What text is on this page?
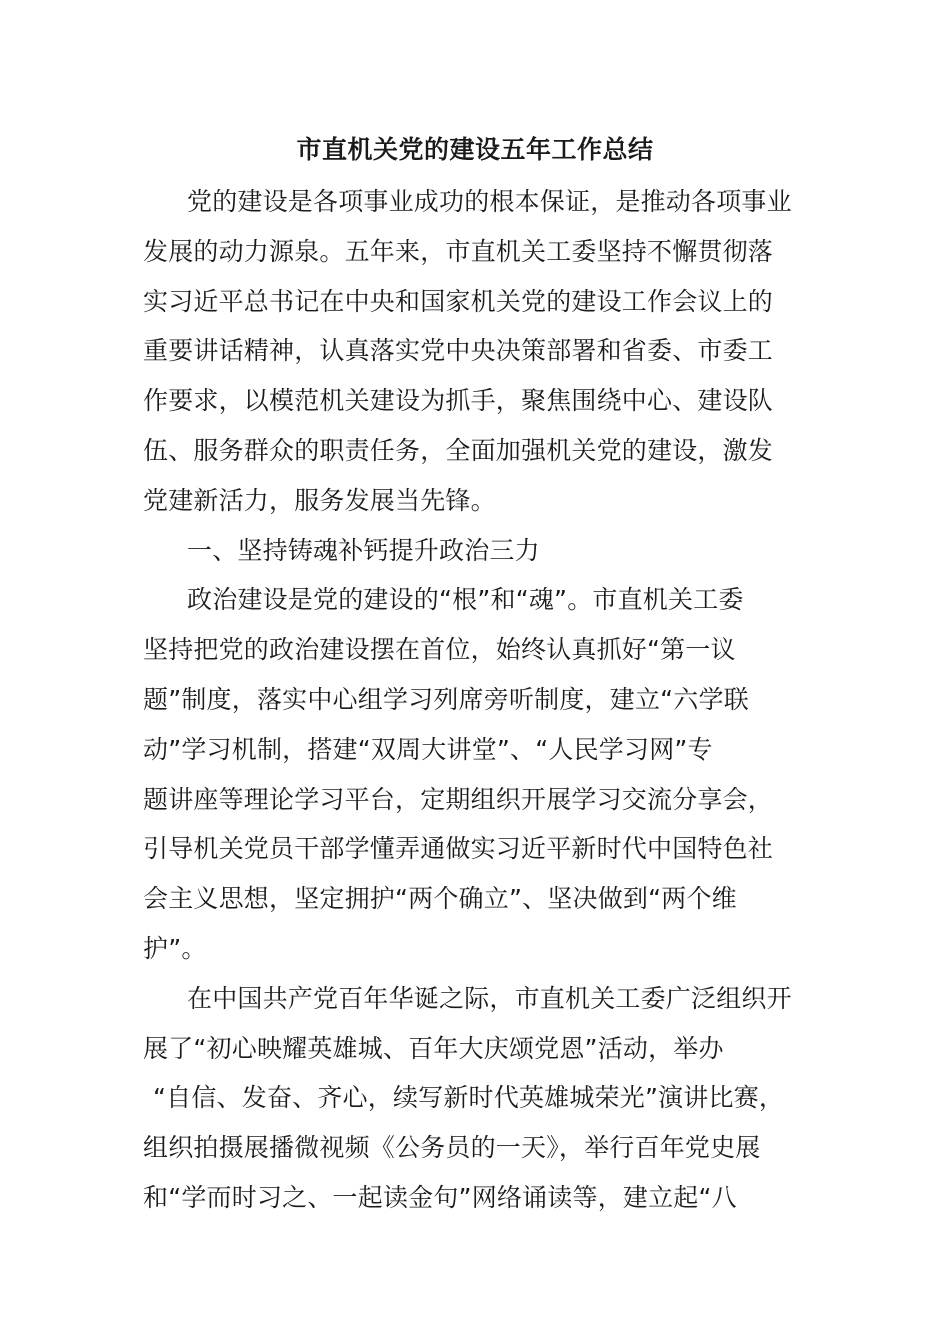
市直机关党的建设五年工作总结
党的建设是各项事业成功的根本保证，是推动各项事业
发展的动力源泉。五年来，市直机关工委坚持不懈贯彻落
实习近平总书记在中央和国家机关党的建设工作会议上的
重要讲话精神，认真落实党中央决策部署和省委、市委工
作要求，以模范机关建设为抓手，聚焦围绕中心、建设队
伍、服务群众的职责任务，全面加强机关党的建设，激发
党建新活力，服务发展当先锋。
一、坚持铸魂补钙提升政治三力
政治建设是党的建设的“根”和“魂”。市直机关工委
坚持把党的政治建设摆在首位，始终认真抓好“第一议
题”制度，落实中心组学习列席旁听制度，建立“六学联
动”学习机制，搭建“双周大讲堂”、“人民学习网”专
题讲座等理论学习平台，定期组织开展学习交流分享会，
引导机关党员干部学懂弄通做实习近平新时代中国特色社
会主义思想，坚定拥护“两个确立”、坚决做到“两个维
护”。
在中国共产党百年华诞之际，市直机关工委广泛组织开
展了“初心映耀英雄城、百年大庆颂党恩”活动，举办
“自信、发奋、齐心，续写新时代英雄城荣光”演讲比赛，
组织拍摄展播微视频《公务员的一天》，举行百年党史展
和“学而时习之、一起读金句”网络诵读等，建立起“八
